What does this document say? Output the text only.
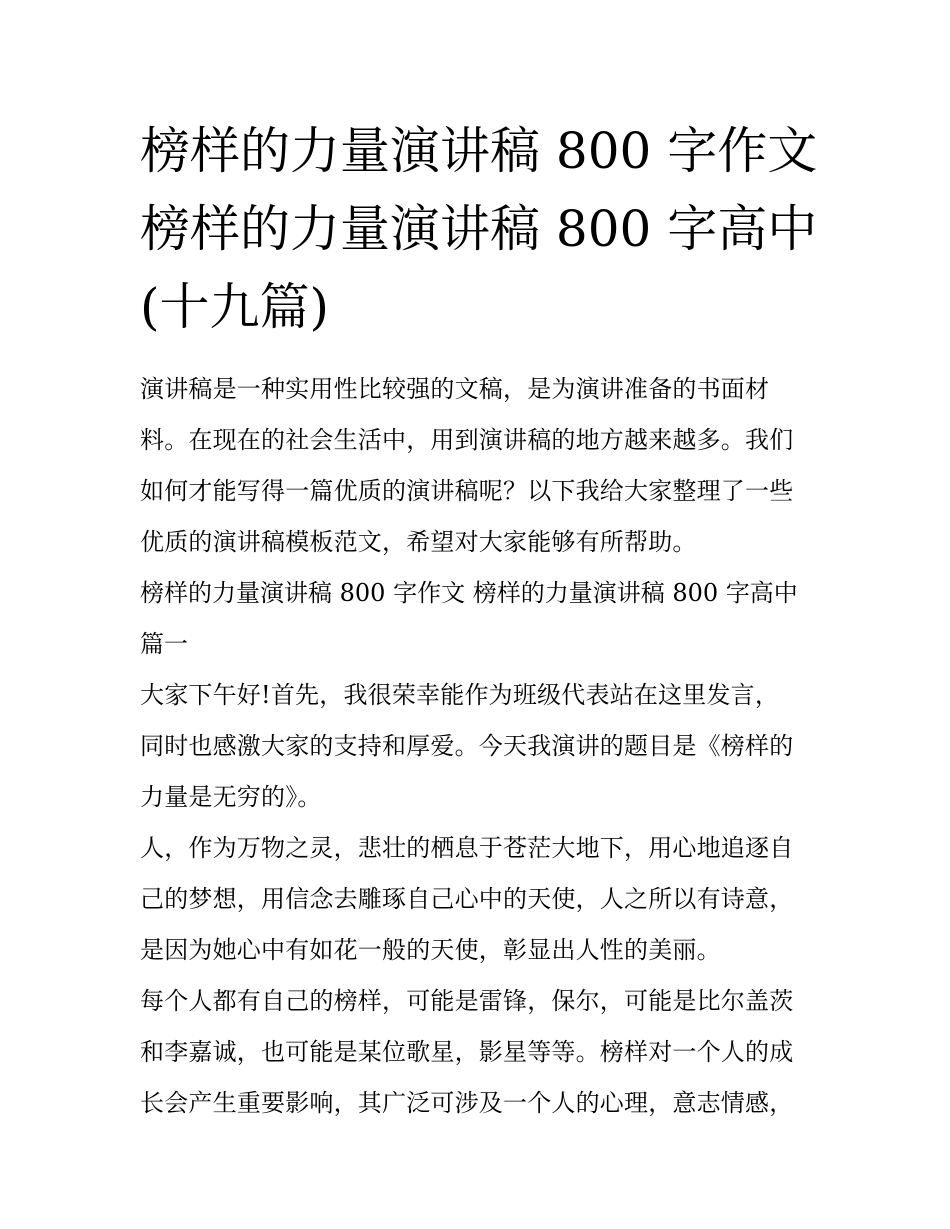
榜样的力量演讲稿 800 字作文
榜样的力量演讲稿 800 字高中
(十九篇)
演讲稿是一种实用性比较强的文稿，是为演讲准备的书面材
料。在现在的社会生活中，用到演讲稿的地方越来越多。我们
如何才能写得一篇优质的演讲稿呢？以下我给大家整理了一些
优质的演讲稿模板范文，希望对大家能够有所帮助。
榜样的力量演讲稿 800 字作文 榜样的力量演讲稿 800 字高中
篇一
大家下午好!首先，我很荣幸能作为班级代表站在这里发言，
同时也感激大家的支持和厚爱。今天我演讲的题目是《榜样的
力量是无穷的》。
人，作为万物之灵，悲壮的栖息于苍茫大地下，用心地追逐自
己的梦想，用信念去雕琢自己心中的天使，人之所以有诗意，
是因为她心中有如花一般的天使，彰显出人性的美丽。
每个人都有自己的榜样，可能是雷锋，保尔，可能是比尔盖茨
和李嘉诚，也可能是某位歌星，影星等等。榜样对一个人的成
长会产生重要影响，其广泛可涉及一个人的心理，意志情感，
